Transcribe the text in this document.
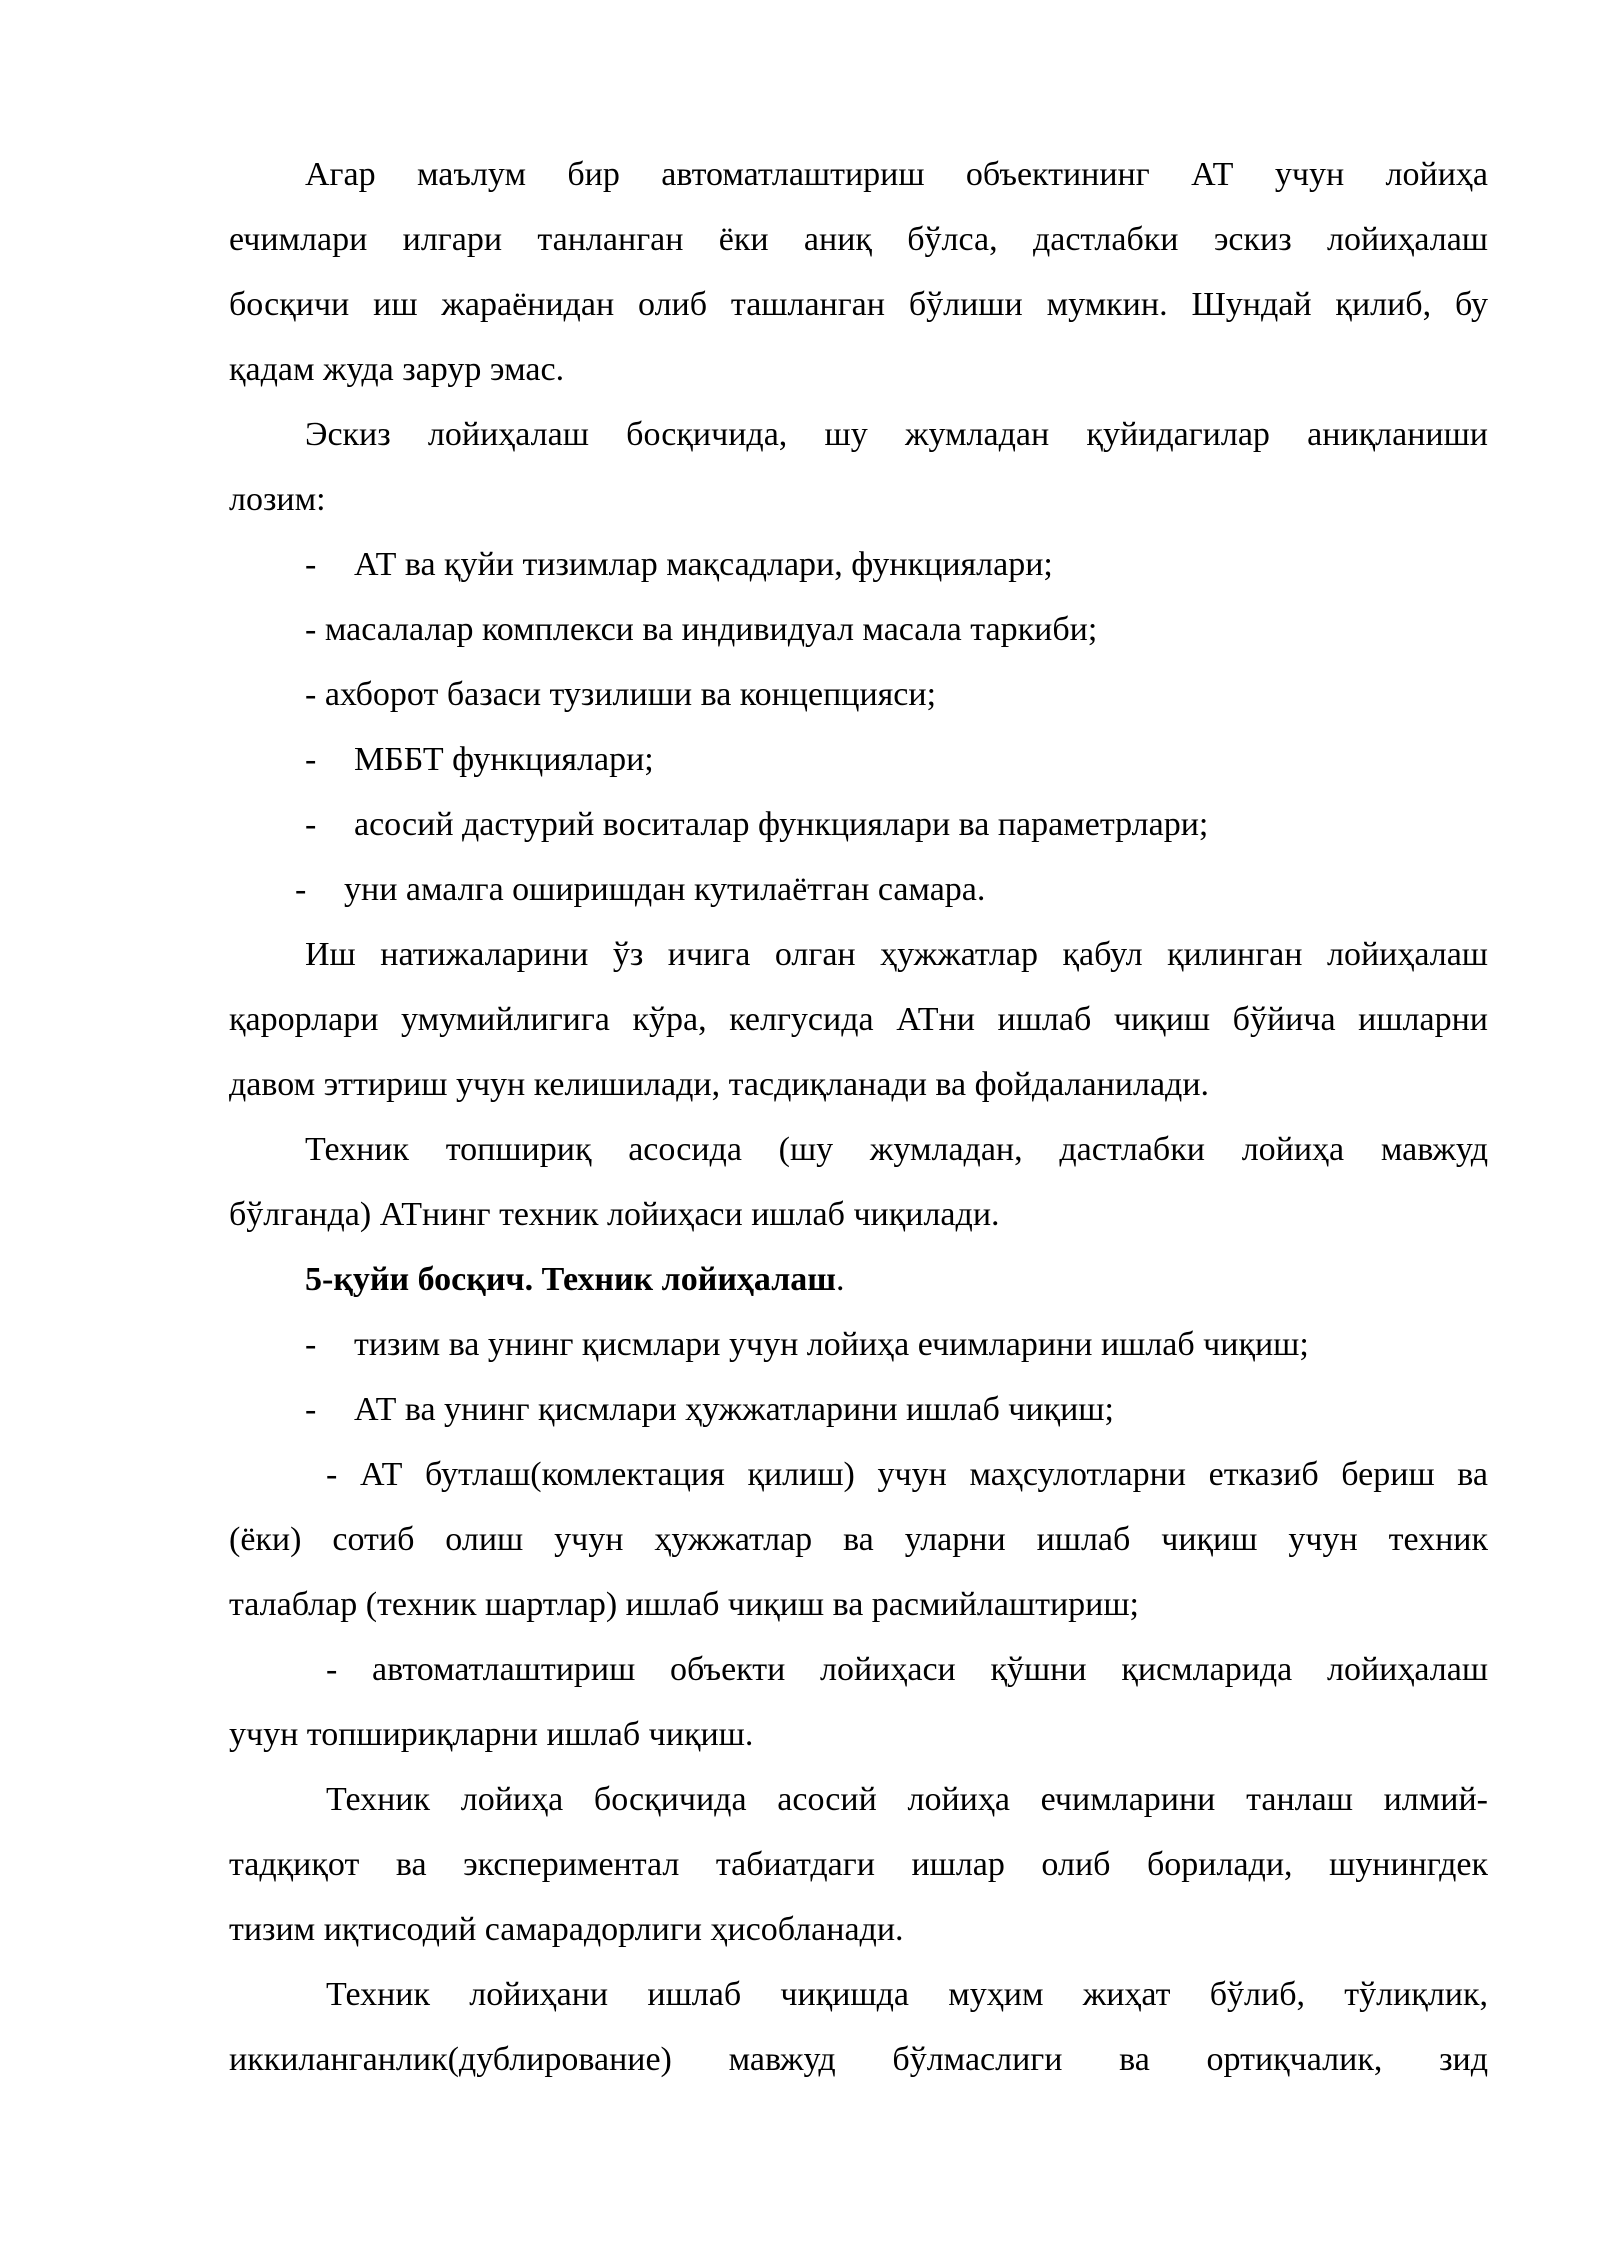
Агар маълум бир автоматлаштириш объектининг АТ учун лойиҳа
ечимлари илгари танланган ёки аниқ бўлса, дастлабки эскиз лойиҳалаш
босқичи иш жараёнидан олиб ташланган бўлиши мумкин. Шундай қилиб, бу
қадам жуда зарур эмас.
Эскиз лойиҳалаш босқичида, шу жумладан қуйидагилар аниқланиши
лозим:
- АТ ва қуйи тизимлар мақсадлари, функциялари;
- масалалар комплекси ва индивидуал масала таркиби;
- ахборот базаси тузилиши ва концепцияси;
- МББТ функциялари;
- асосий дастурий воситалар функциялари ва параметрлари;
- уни амалга оширишдан кутилаётган самара.
Иш натижаларини ўз ичига олган ҳужжатлар қабул қилинган лойиҳалаш
қарорлари умумийлигига кўра, келгусида АТни ишлаб чиқиш бўйича ишларни
давом эттириш учун келишилади, тасдиқланади ва фойдаланилади.
Техник топшириқ асосида (шу жумладан, дастлабки лойиҳа мавжуд
бўлганда) АТнинг техник лойиҳаси ишлаб чиқилади.
5-қуйи босқич. Техник лойиҳалаш.
- тизим ва унинг қисмлари учун лойиҳа ечимларини ишлаб чиқиш;
- АТ ва унинг қисмлари ҳужжатларини ишлаб чиқиш;
- АТ бутлаш(комлектация қилиш) учун маҳсулотларни етказиб бериш ва
(ёки) сотиб олиш учун ҳужжатлар ва уларни ишлаб чиқиш учун техник
талаблар (техник шартлар) ишлаб чиқиш ва расмийлаштириш;
- автоматлаштириш объекти лойиҳаси қўшни қисмларида лойиҳалаш
учун топшириқларни ишлаб чиқиш.
Техник лойиҳа босқичида асосий лойиҳа ечимларини танлаш илмий-
тадқиқот ва экспериментал табиатдаги ишлар олиб борилади, шунингдек
тизим иқтисодий самарадорлиги ҳисобланади.
Техник лойиҳани ишлаб чиқишда муҳим жиҳат бўлиб, тўлиқлик,
иккиланганлик(дублирование) мавжуд бўлмаслиги ва ортиқчалик, зид
